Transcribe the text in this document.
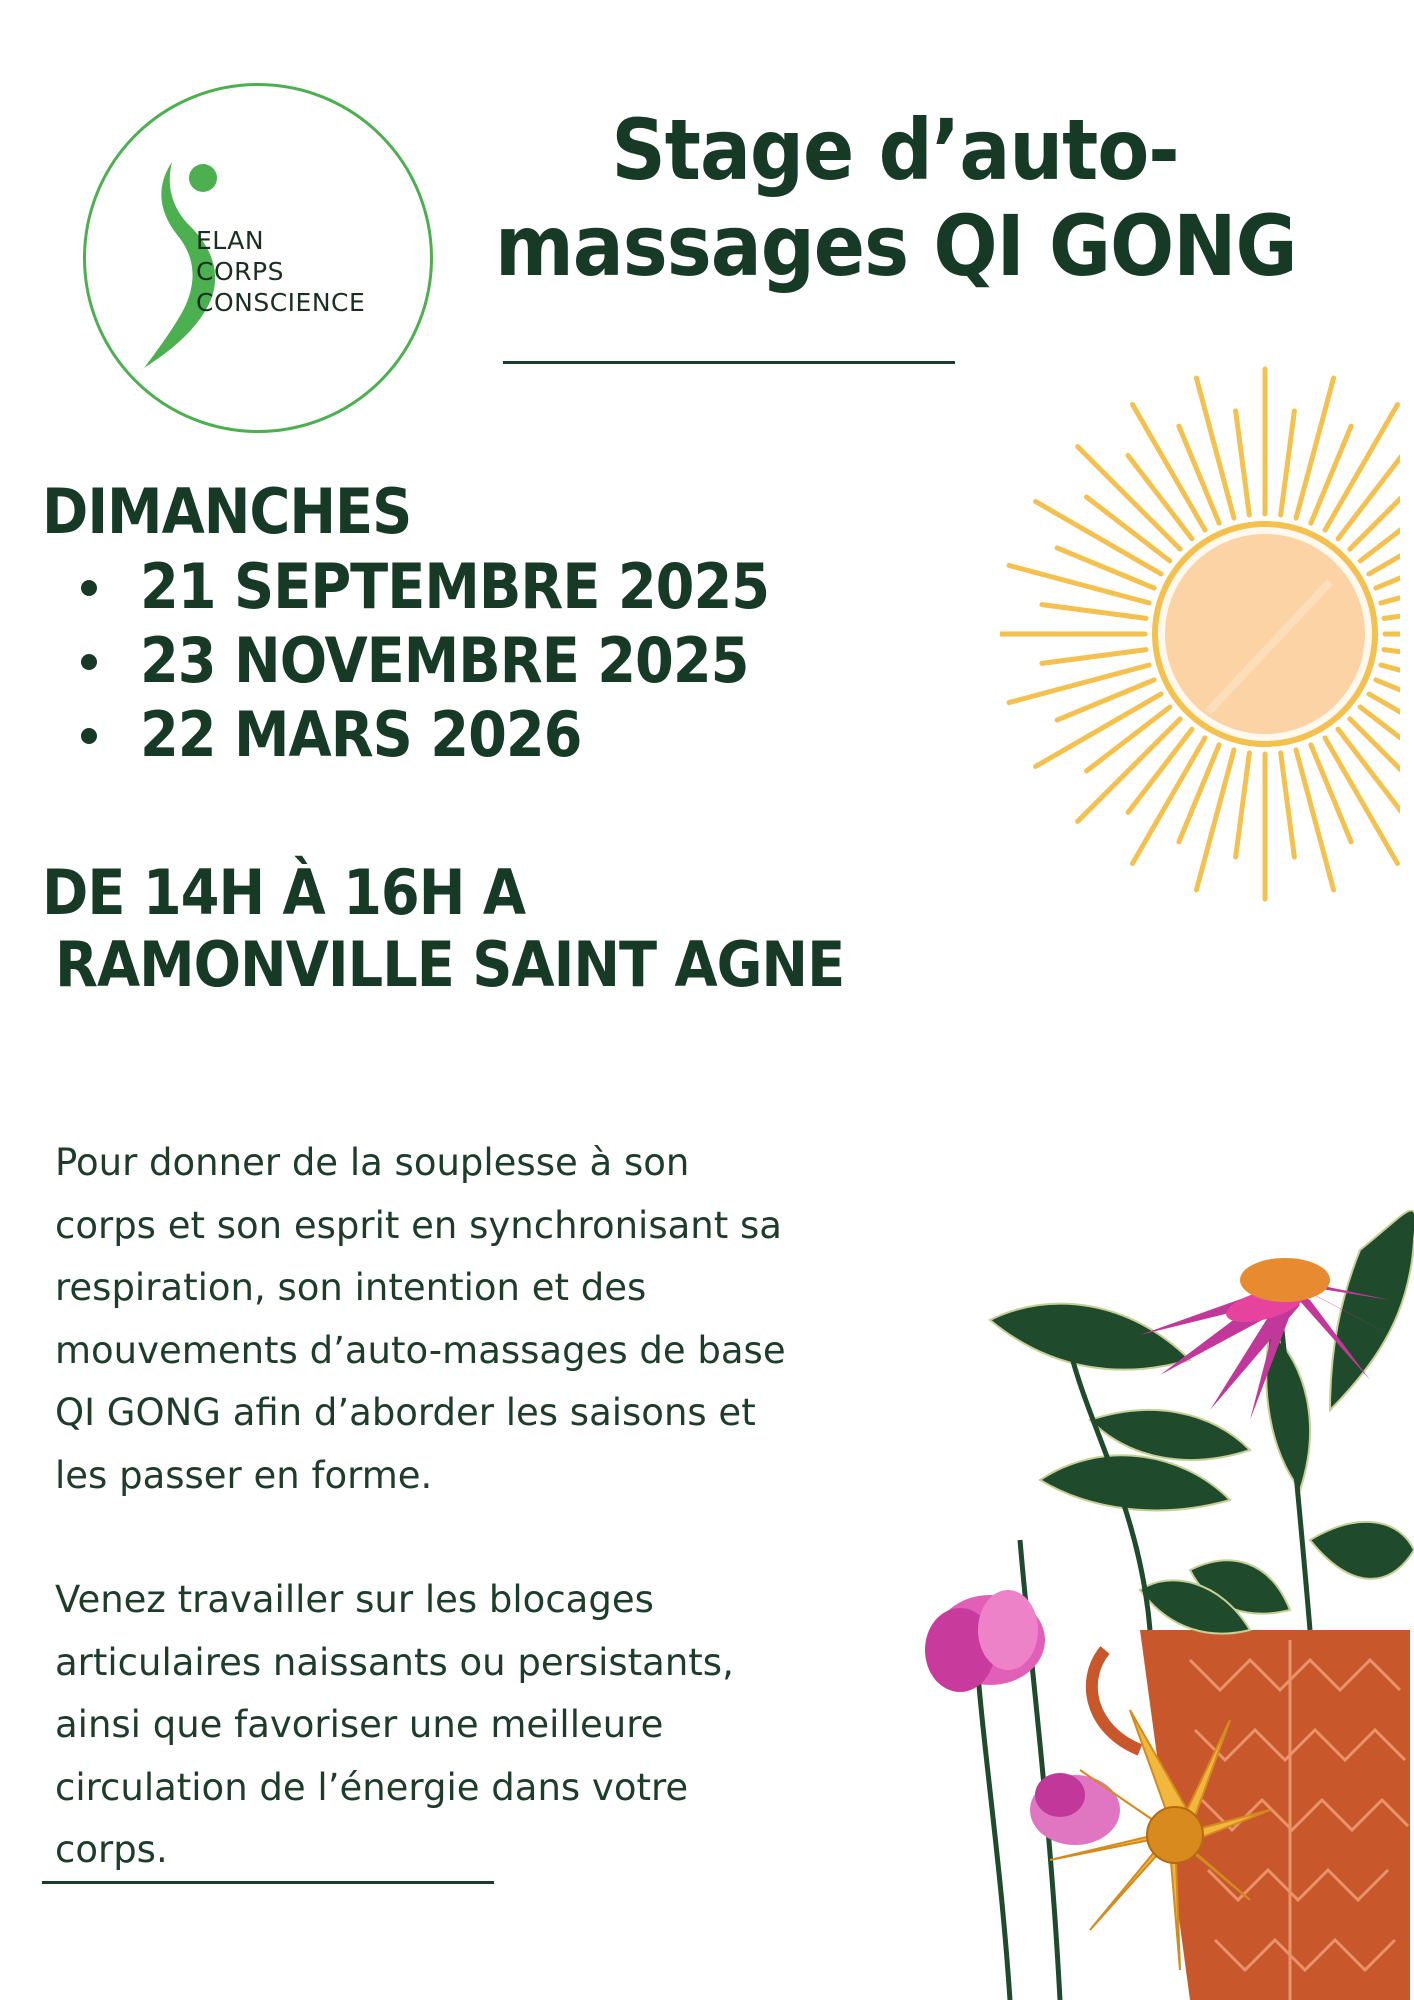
ELAN
CORPS
CONSCIENCE
Stage d’auto-
massages QI GONG
DIMANCHES
21 SEPTEMBRE 2025
23 NOVEMBRE 2025
22 MARS 2026
DE 14H À 16H A
RAMONVILLE SAINT AGNE
Pour donner de la souplesse à son
corps et son esprit en synchronisant sa
respiration, son intention et des
mouvements d’auto-massages de base
QI GONG afin d’aborder les saisons et
les passer en forme.
Venez travailler sur les blocages
articulaires naissants ou persistants,
ainsi que favoriser une meilleure
circulation de l’énergie dans votre
corps.
